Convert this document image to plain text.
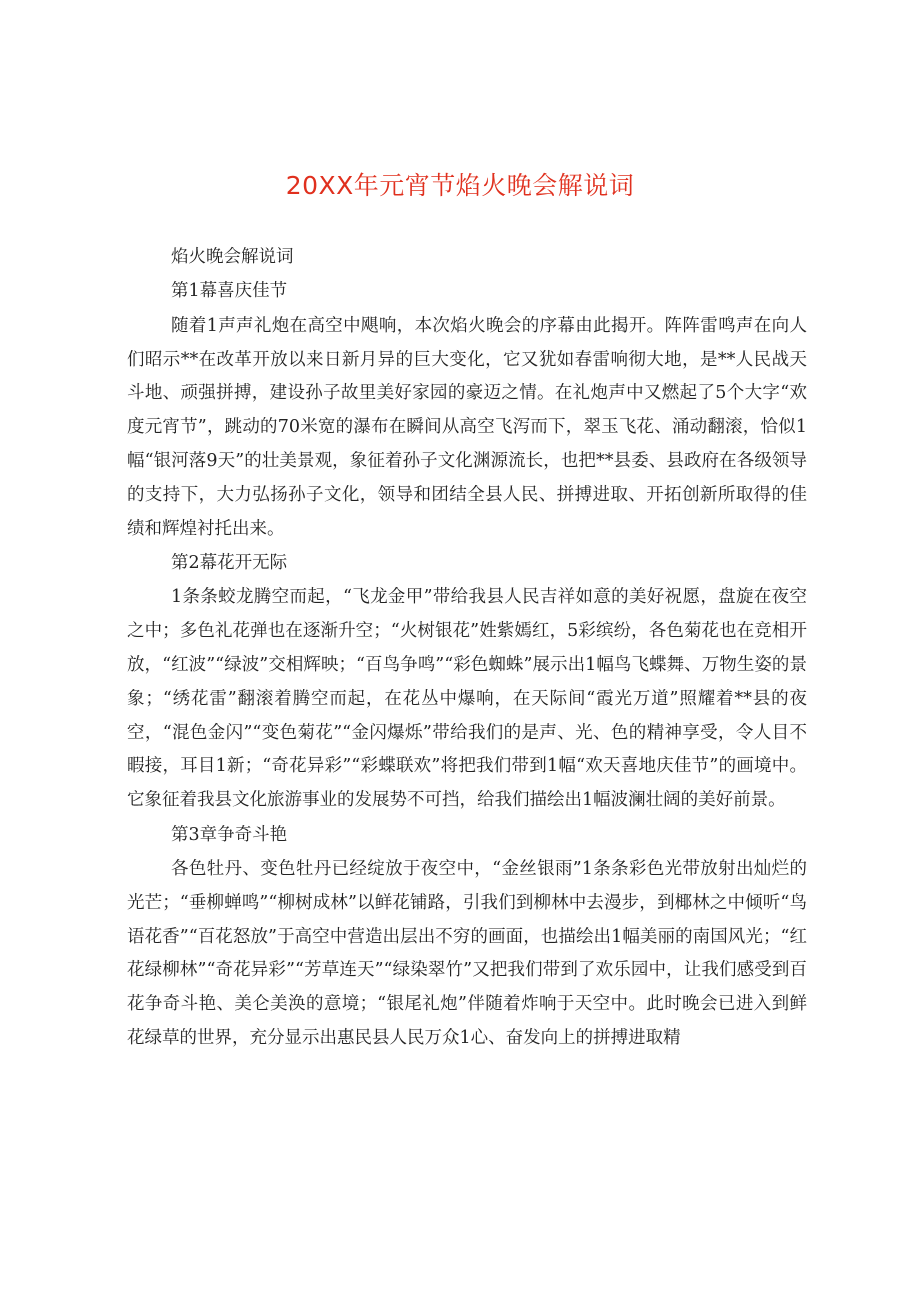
20XX年元宵节焰火晚会解说词

焰火晚会解说词

第1幕喜庆佳节

随着1声声礼炮在高空中飓响，本次焰火晚会的序幕由此揭开。阵阵雷鸣声在向人们昭示**在改革开放以来日新月异的巨大变化，它又犹如春雷响彻大地，是**人民战天斗地、顽强拼搏，建设孙子故里美好家园的豪迈之情。在礼炮声中又燃起了5个大字“欢度元宵节”，跳动的70米宽的瀑布在瞬间从高空飞泻而下，翠玉飞花、涌动翻滚，恰似1幅“银河落9天”的壮美景观，象征着孙子文化渊源流长，也把**县委、县政府在各级领导的支持下，大力弘扬孙子文化，领导和团结全县人民、拼搏进取、开拓创新所取得的佳绩和辉煌衬托出来。

第2幕花开无际

1条条蛟龙腾空而起，“飞龙金甲”带给我县人民吉祥如意的美好祝愿，盘旋在夜空之中；多色礼花弹也在逐渐升空；“火树银花”姓紫嫣红，5彩缤纷，各色菊花也在竞相开放，“红波”“绿波”交相辉映；“百鸟争鸣”“彩色蜘蛛”展示出1幅鸟飞蝶舞、万物生姿的景象；“绣花雷”翻滚着腾空而起，在花丛中爆响，在天际间“霞光万道”照耀着**县的夜空，“混色金闪”“变色菊花”“金闪爆烁”带给我们的是声、光、色的精神享受，令人目不暇接，耳目1新；“奇花异彩”“彩蝶联欢”将把我们带到1幅“欢天喜地庆佳节”的画境中。它象征着我县文化旅游事业的发展势不可挡，给我们描绘出1幅波澜壮阔的美好前景。

第3章争奇斗艳

各色牡丹、变色牡丹已经绽放于夜空中，“金丝银雨”1条条彩色光带放射出灿烂的光芒；“垂柳蝉鸣”“柳树成林”以鲜花铺路，引我们到柳林中去漫步，到椰林之中倾听“鸟语花香”“百花怒放”于高空中营造出层出不穷的画面，也描绘出1幅美丽的南国风光；“红花绿柳林”“奇花异彩”“芳草连天”“绿染翠竹”又把我们带到了欢乐园中，让我们感受到百花争奇斗艳、美仑美涣的意境；“银尾礼炮”伴随着炸响于天空中。此时晚会已进入到鲜花绿草的世界，充分显示出惠民县人民万众1心、奋发向上的拼搏进取精
